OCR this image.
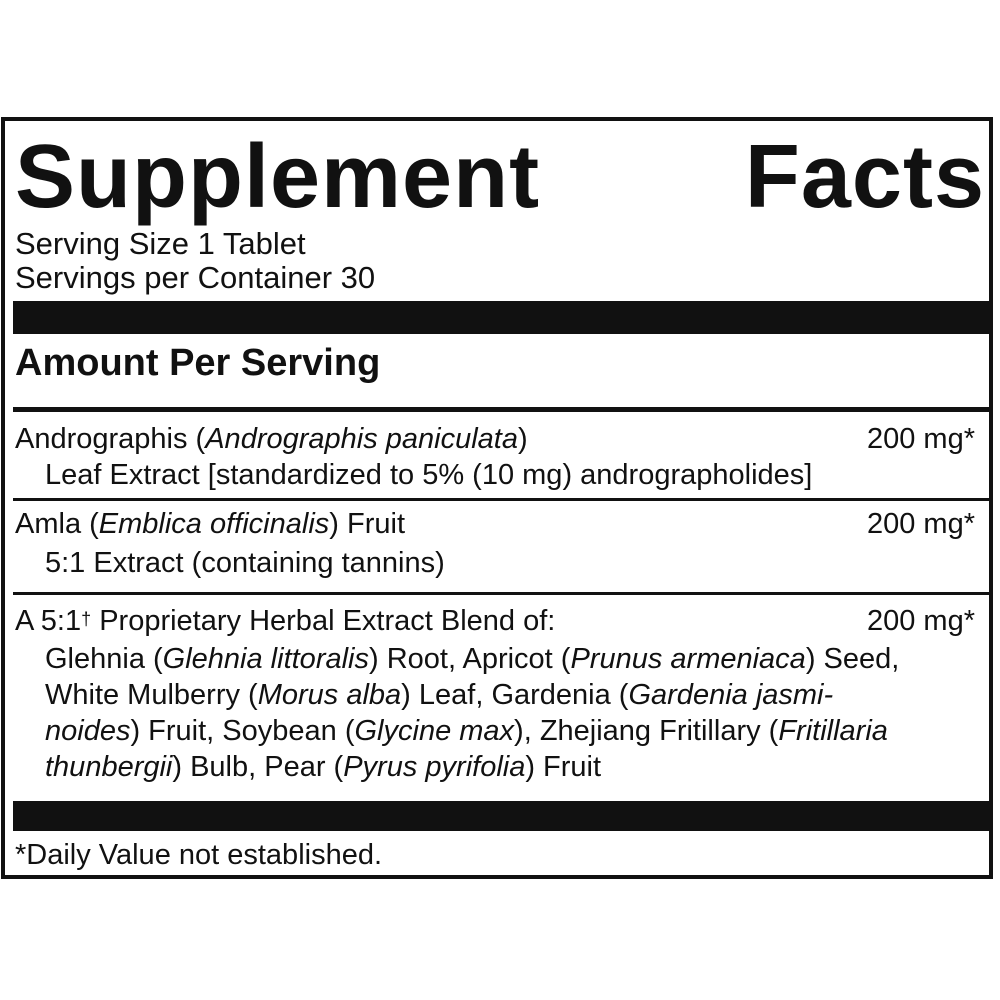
Supplement Facts
Serving Size 1 Tablet
Servings per Container 30
Amount Per Serving
Andrographis (Andrographis paniculata)	200 mg*
Leaf Extract [standardized to 5% (10 mg) andrographolides]
Amla (Emblica officinalis) Fruit	200 mg*
5:1 Extract (containing tannins)
A 5:1† Proprietary Herbal Extract Blend of:	200 mg*
Glehnia (Glehnia littoralis) Root, Apricot (Prunus armeniaca) Seed,
White Mulberry (Morus alba) Leaf, Gardenia (Gardenia jasmi-
noides) Fruit, Soybean (Glycine max), Zhejiang Fritillary (Fritillaria
thunbergii) Bulb, Pear (Pyrus pyrifolia) Fruit
*Daily Value not established.
